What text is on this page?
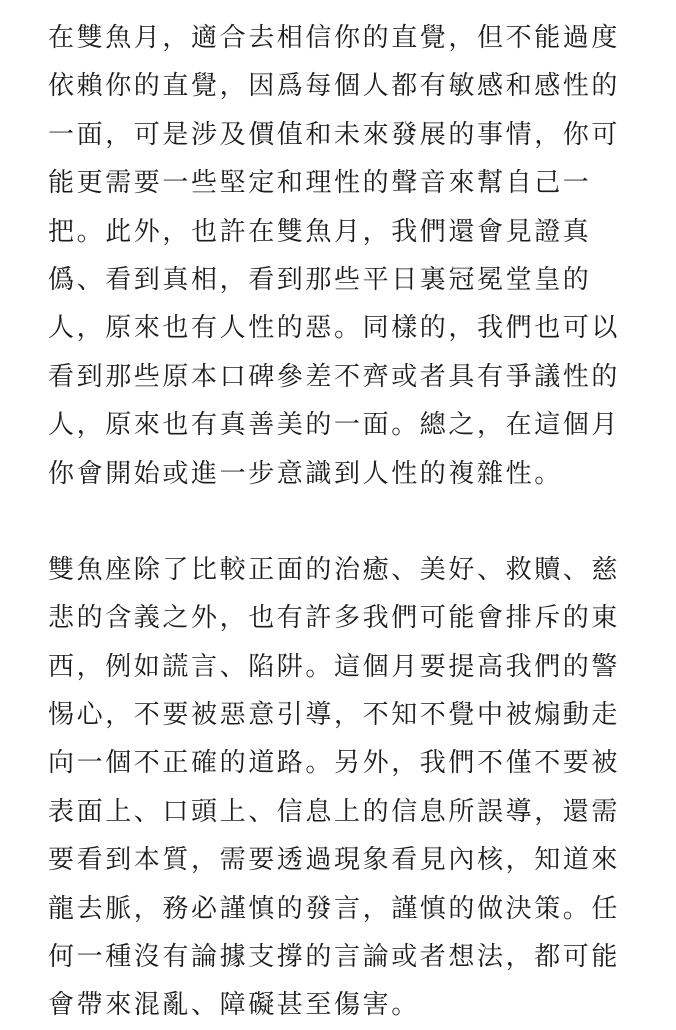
在雙魚月，適合去相信你的直覺，但不能過度
依賴你的直覺，因爲每個人都有敏感和感性的
一面，可是涉及價值和未來發展的事情，你可
能更需要一些堅定和理性的聲音來幫自己一
把。此外，也許在雙魚月，我們還會見證真
僞、看到真相，看到那些平日裏冠冕堂皇的
人，原來也有人性的惡。同樣的，我們也可以
看到那些原本口碑參差不齊或者具有爭議性的
人，原來也有真善美的一面。總之，在這個月
你會開始或進一步意識到人性的複雜性。

雙魚座除了比較正面的治癒、美好、救贖、慈
悲的含義之外，也有許多我們可能會排斥的東
西，例如謊言、陷阱。這個月要提高我們的警
惕心，不要被惡意引導，不知不覺中被煽動走
向一個不正確的道路。另外，我們不僅不要被
表面上、口頭上、信息上的信息所誤導，還需
要看到本質，需要透過現象看見內核，知道來
龍去脈，務必謹慎的發言，謹慎的做決策。任
何一種沒有論據支撐的言論或者想法，都可能
會帶來混亂、障礙甚至傷害。
